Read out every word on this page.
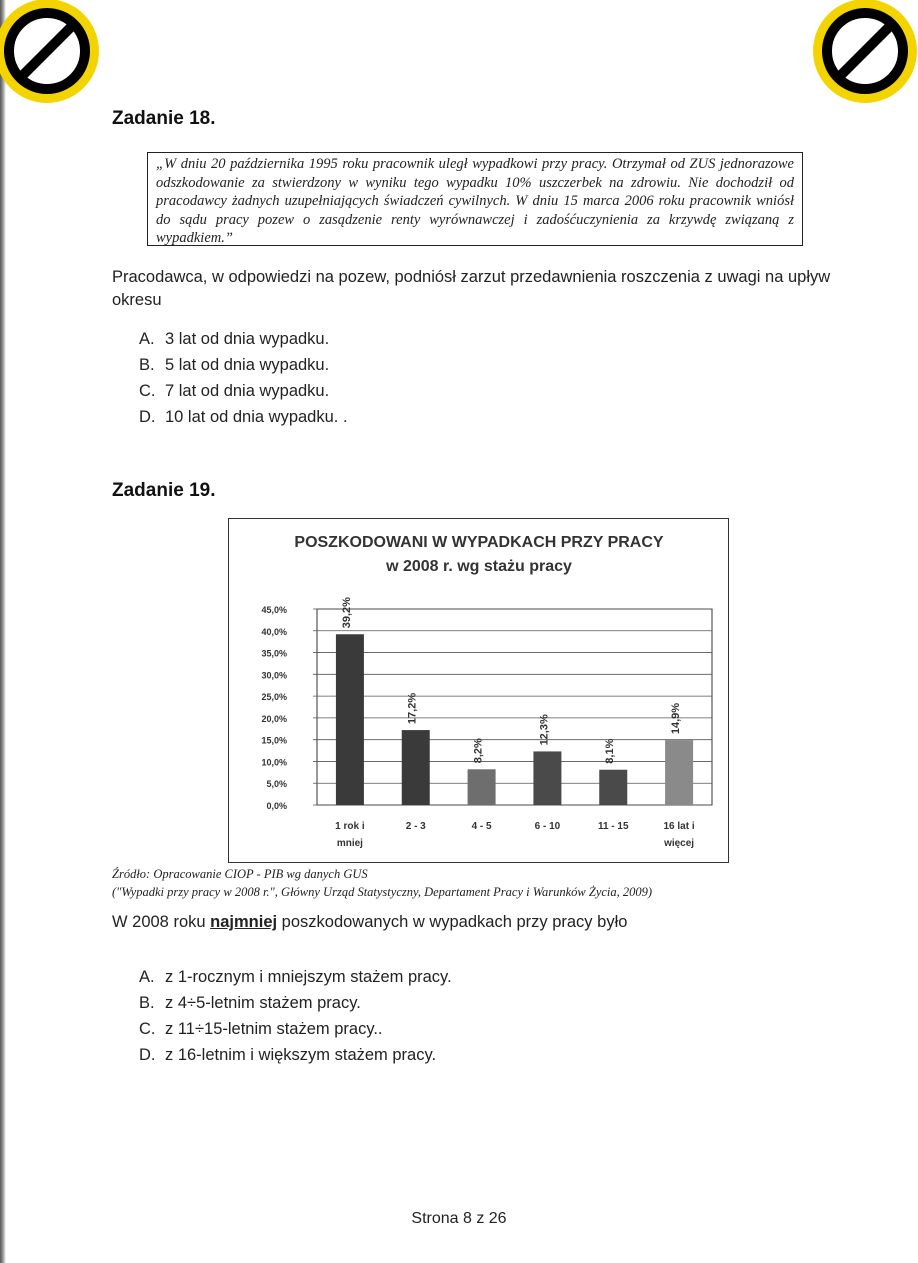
Zadanie 18.
„W dniu 20 października 1995 roku pracownik uległ wypadkowi przy pracy. Otrzymał od ZUS jednorazowe odszkodowanie za stwierdzony w wyniku tego wypadku 10% uszczerbek na zdrowiu. Nie dochodził od pracodawcy żadnych uzupełniających świadczeń cywilnych. W dniu 15 marca 2006 roku pracownik wniósł do sądu pracy pozew o zasądzenie renty wyrównawczej i zadośćuczynienia za krzywdę związaną z wypadkiem.”
Pracodawca, w odpowiedzi na pozew, podniósł zarzut przedawnienia roszczenia z uwagi na upływ okresu
A. 3 lat od dnia wypadku.
B. 5 lat od dnia wypadku.
C. 7 lat od dnia wypadku.
D. 10 lat od dnia wypadku. .
Zadanie 19.
POSZKODOWANI W WYPADKACH PRZY PRACY
w 2008 r. wg stażu pracy
0,0%
5,0%
10,0%
15,0%
20,0%
25,0%
30,0%
35,0%
40,0%
45,0%	39,2%
1 rok i
mniej
17,2%
2 - 3
8,2%
4 - 5
12,3%
6 - 10
8,1%
11 - 15
14,9%
16 lat i
więcej
Źródło: Opracowanie CIOP - PIB wg danych GUS
("Wypadki przy pracy w 2008 r.", Główny Urząd Statystyczny, Departament Pracy i Warunków Życia, 2009)
W 2008 roku najmniej poszkodowanych w wypadkach przy pracy było
A. z 1-rocznym i mniejszym stażem pracy.
B. z 4÷5-letnim stażem pracy.
C. z 11÷15-letnim stażem pracy..
D. z 16-letnim i większym stażem pracy.
Strona 8 z 26
